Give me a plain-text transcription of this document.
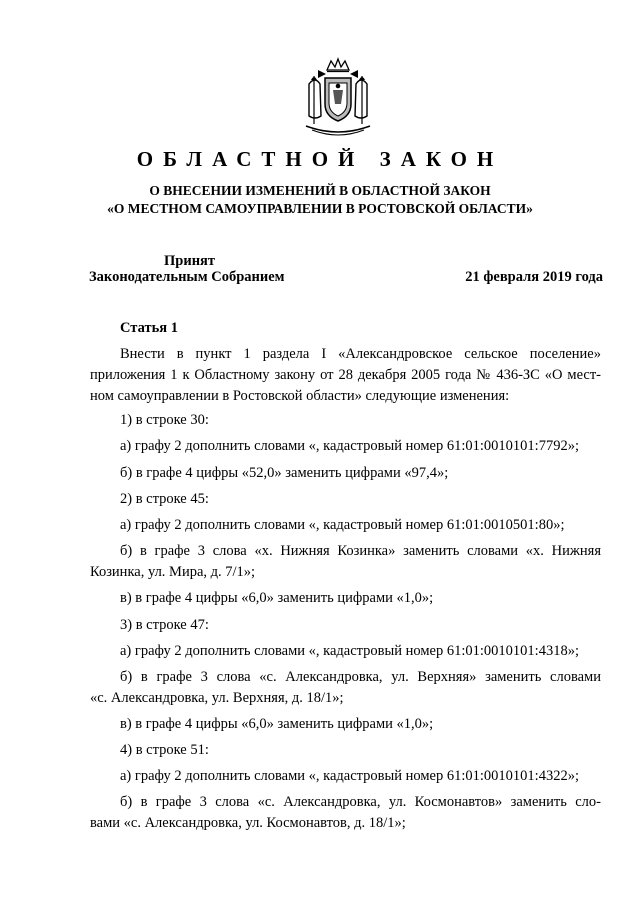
ОБЛАСТНОЙ ЗАКОН
О ВНЕСЕНИИ ИЗМЕНЕНИЙ В ОБЛАСТНОЙ ЗАКОН
«О МЕСТНОМ САМОУПРАВЛЕНИИ В РОСТОВСКОЙ ОБЛАСТИ»
Принят
Законодательным Собранием	21 февраля 2019 года
Статья 1
Внести в пункт 1 раздела I «Александровское сельское поселение»
приложения 1 к Областному закону от 28 декабря 2005 года № 436-ЗС «О мест-
ном самоуправлении в Ростовской области» следующие изменения:
1) в строке 30:
а) графу 2 дополнить словами «, кадастровый номер 61:01:0010101:7792»;
б) в графе 4 цифры «52,0» заменить цифрами «97,4»;
2) в строке 45:
а) графу 2 дополнить словами «, кадастровый номер 61:01:0010501:80»;
б) в графе 3 слова «х. Нижняя Козинка» заменить словами «х. Нижняя
Козинка, ул. Мира, д. 7/1»;
в) в графе 4 цифры «6,0» заменить цифрами «1,0»;
3) в строке 47:
а) графу 2 дополнить словами «, кадастровый номер 61:01:0010101:4318»;
б) в графе 3 слова «с. Александровка, ул. Верхняя» заменить словами
«с. Александровка, ул. Верхняя, д. 18/1»;
в) в графе 4 цифры «6,0» заменить цифрами «1,0»;
4) в строке 51:
а) графу 2 дополнить словами «, кадастровый номер 61:01:0010101:4322»;
б) в графе 3 слова «с. Александровка, ул. Космонавтов» заменить сло-
вами «с. Александровка, ул. Космонавтов, д. 18/1»;
